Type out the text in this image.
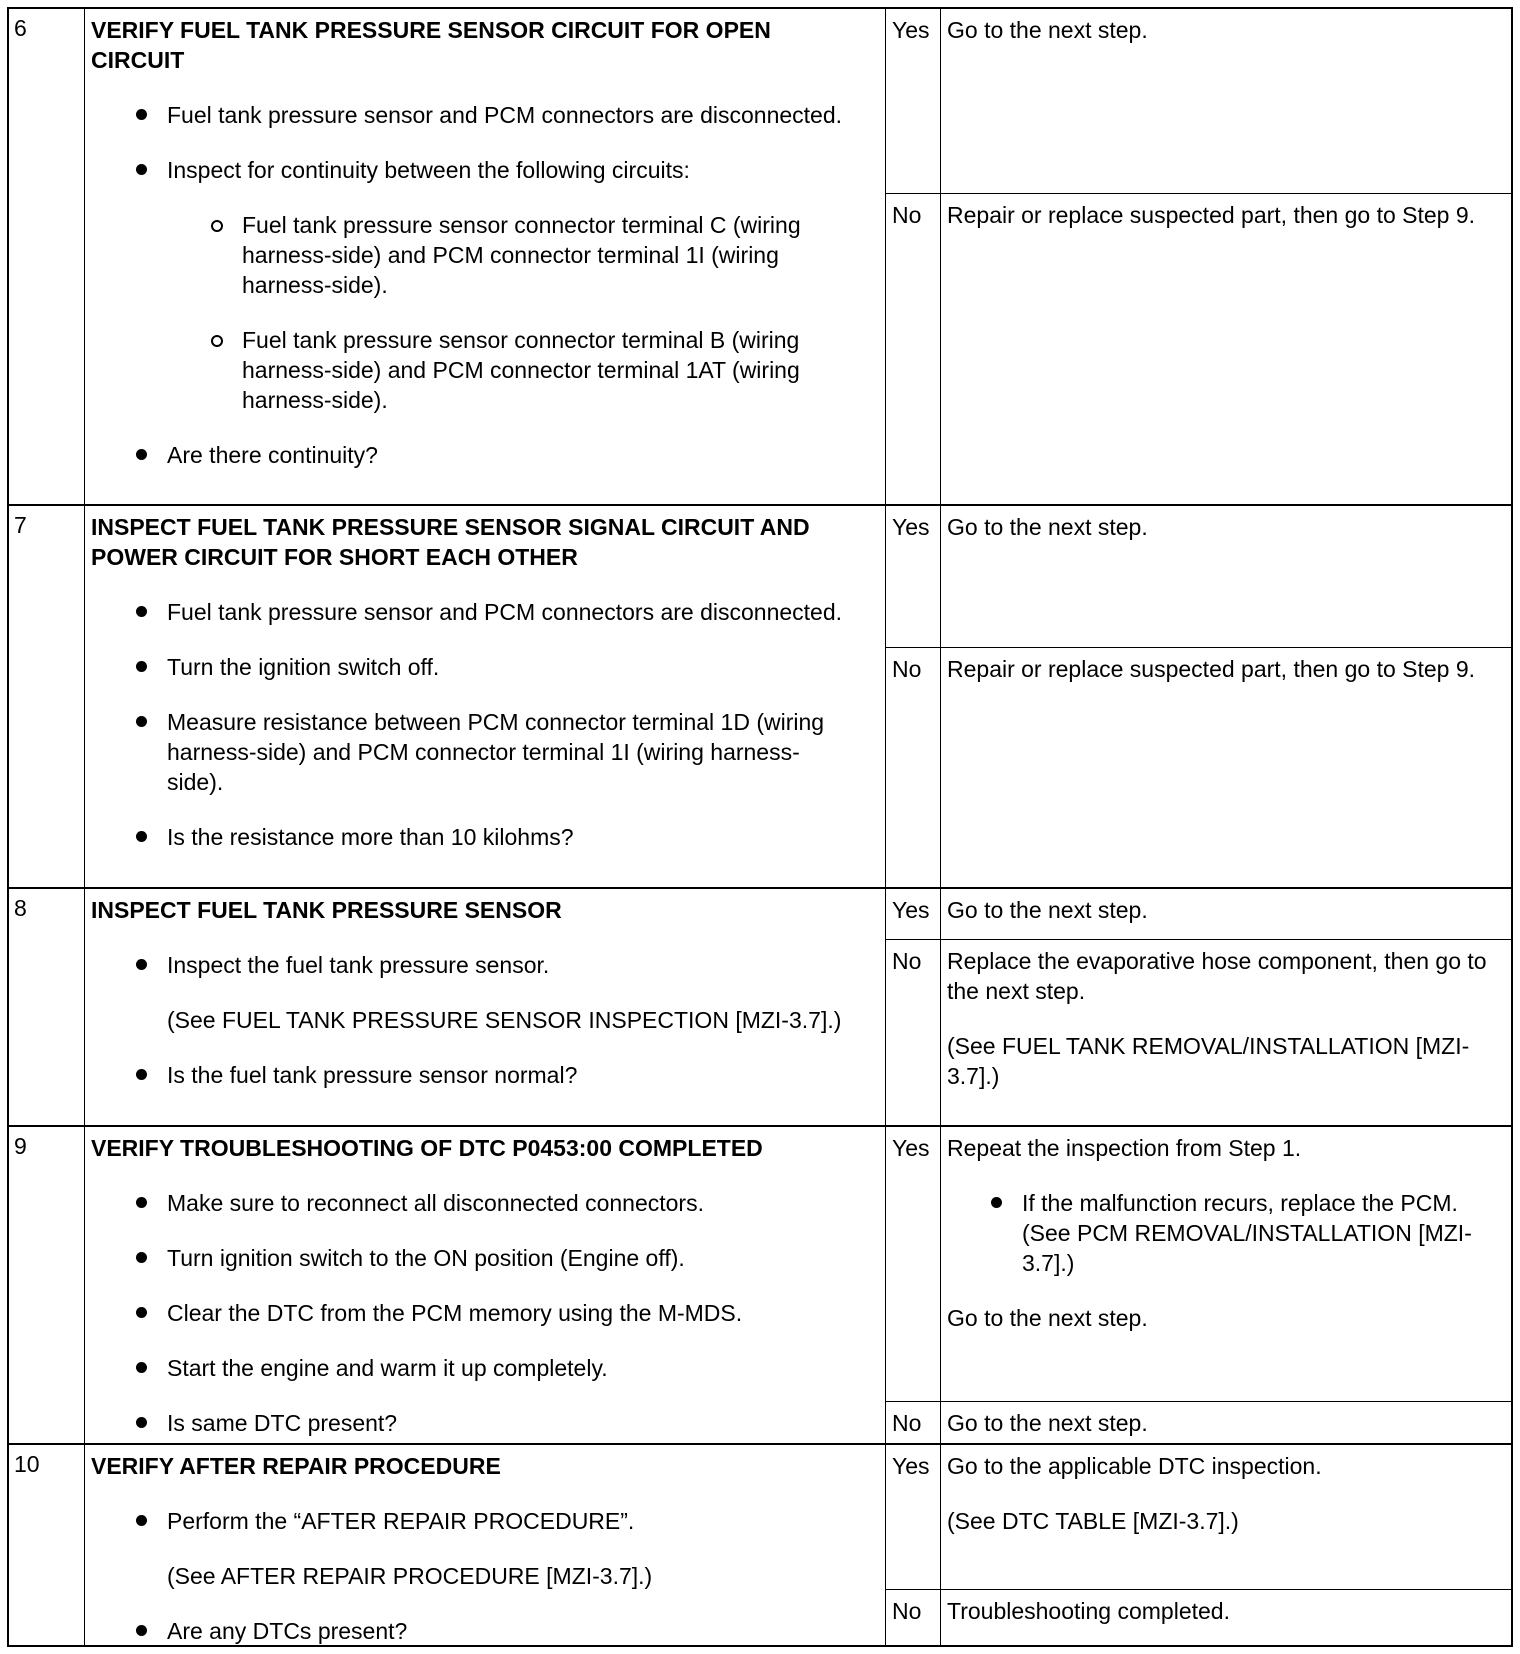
6	VERIFY FUEL TANK PRESSURE SENSOR CIRCUIT FOR OPEN CIRCUIT

Fuel tank pressure sensor and PCM connectors are disconnected.
Inspect for continuity between the following circuits:
Fuel tank pressure sensor connector terminal C (wiring harness-side) and PCM connector terminal 1I (wiring harness-side).
Fuel tank pressure sensor connector terminal B (wiring harness-side) and PCM connector terminal 1AT (wiring harness-side).
Are there continuity?
Yes Go to the next step.

No	Repair or replace suspected part, then go to Step 9.

7	INSPECT FUEL TANK PRESSURE SENSOR SIGNAL CIRCUIT AND POWER CIRCUIT FOR SHORT EACH OTHER

Fuel tank pressure sensor and PCM connectors are disconnected.
Turn the ignition switch off.
Measure resistance between PCM connector terminal 1D (wiring harness-side) and PCM connector terminal 1I (wiring harness-side).
Is the resistance more than 10 kilohms?
Yes Go to the next step.

No	Repair or replace suspected part, then go to Step 9.

8	INSPECT FUEL TANK PRESSURE SENSOR

Inspect the fuel tank pressure sensor.

(See FUEL TANK PRESSURE SENSOR INSPECTION [MZI-3.7].)

Is the fuel tank pressure sensor normal?
Yes Go to the next step.

No	Replace the evaporative hose component, then go to the next step.

(See FUEL TANK REMOVAL/INSTALLATION [MZI-3.7].)

9	VERIFY TROUBLESHOOTING OF DTC P0453:00 COMPLETED

Make sure to reconnect all disconnected connectors.
Turn ignition switch to the ON position (Engine off).
Clear the DTC from the PCM memory using the M-MDS.
Start the engine and warm it up completely.
Is same DTC present?
Yes Repeat the inspection from Step 1.

If the malfunction recurs, replace the PCM.

(See PCM REMOVAL/INSTALLATION [MZI-3.7].)

Go to the next step.

No	Go to the next step.

10	VERIFY AFTER REPAIR PROCEDURE

Perform the “AFTER REPAIR PROCEDURE”.

(See AFTER REPAIR PROCEDURE [MZI-3.7].)

Are any DTCs present?
Yes Go to the applicable DTC inspection.

(See DTC TABLE [MZI-3.7].)

No	Troubleshooting completed.
